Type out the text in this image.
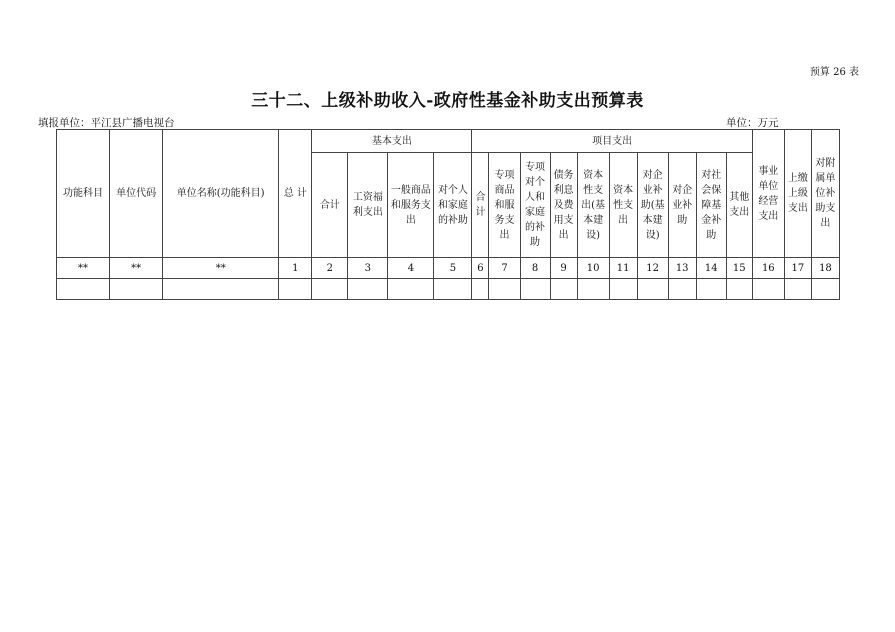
预算 26 表
三十二、上级补助收入-政府性基金补助支出预算表
填报单位：平江县广播电视台	单位：万元
功能科目	单位代码	单位名称(功能科目)	总 计	基本支出				项目支出										事业单位经营支出	上缴上级支出	对附属单位补助支出
				合计	工资福利支出	一般商品和服务支出	对个人和家庭的补助	合计	专项商品和服务支出	专项对个人和家庭的补助	债务利息及费用支出	资本性支出(基本建设)	资本性支出	对企业补助(基本建设)	对企业补助	对社会保障基金补助	其他支出			
**	**	**	1	2	3	4	5	6	7	8	9	10	11	12	13	14	15	16	17	18
